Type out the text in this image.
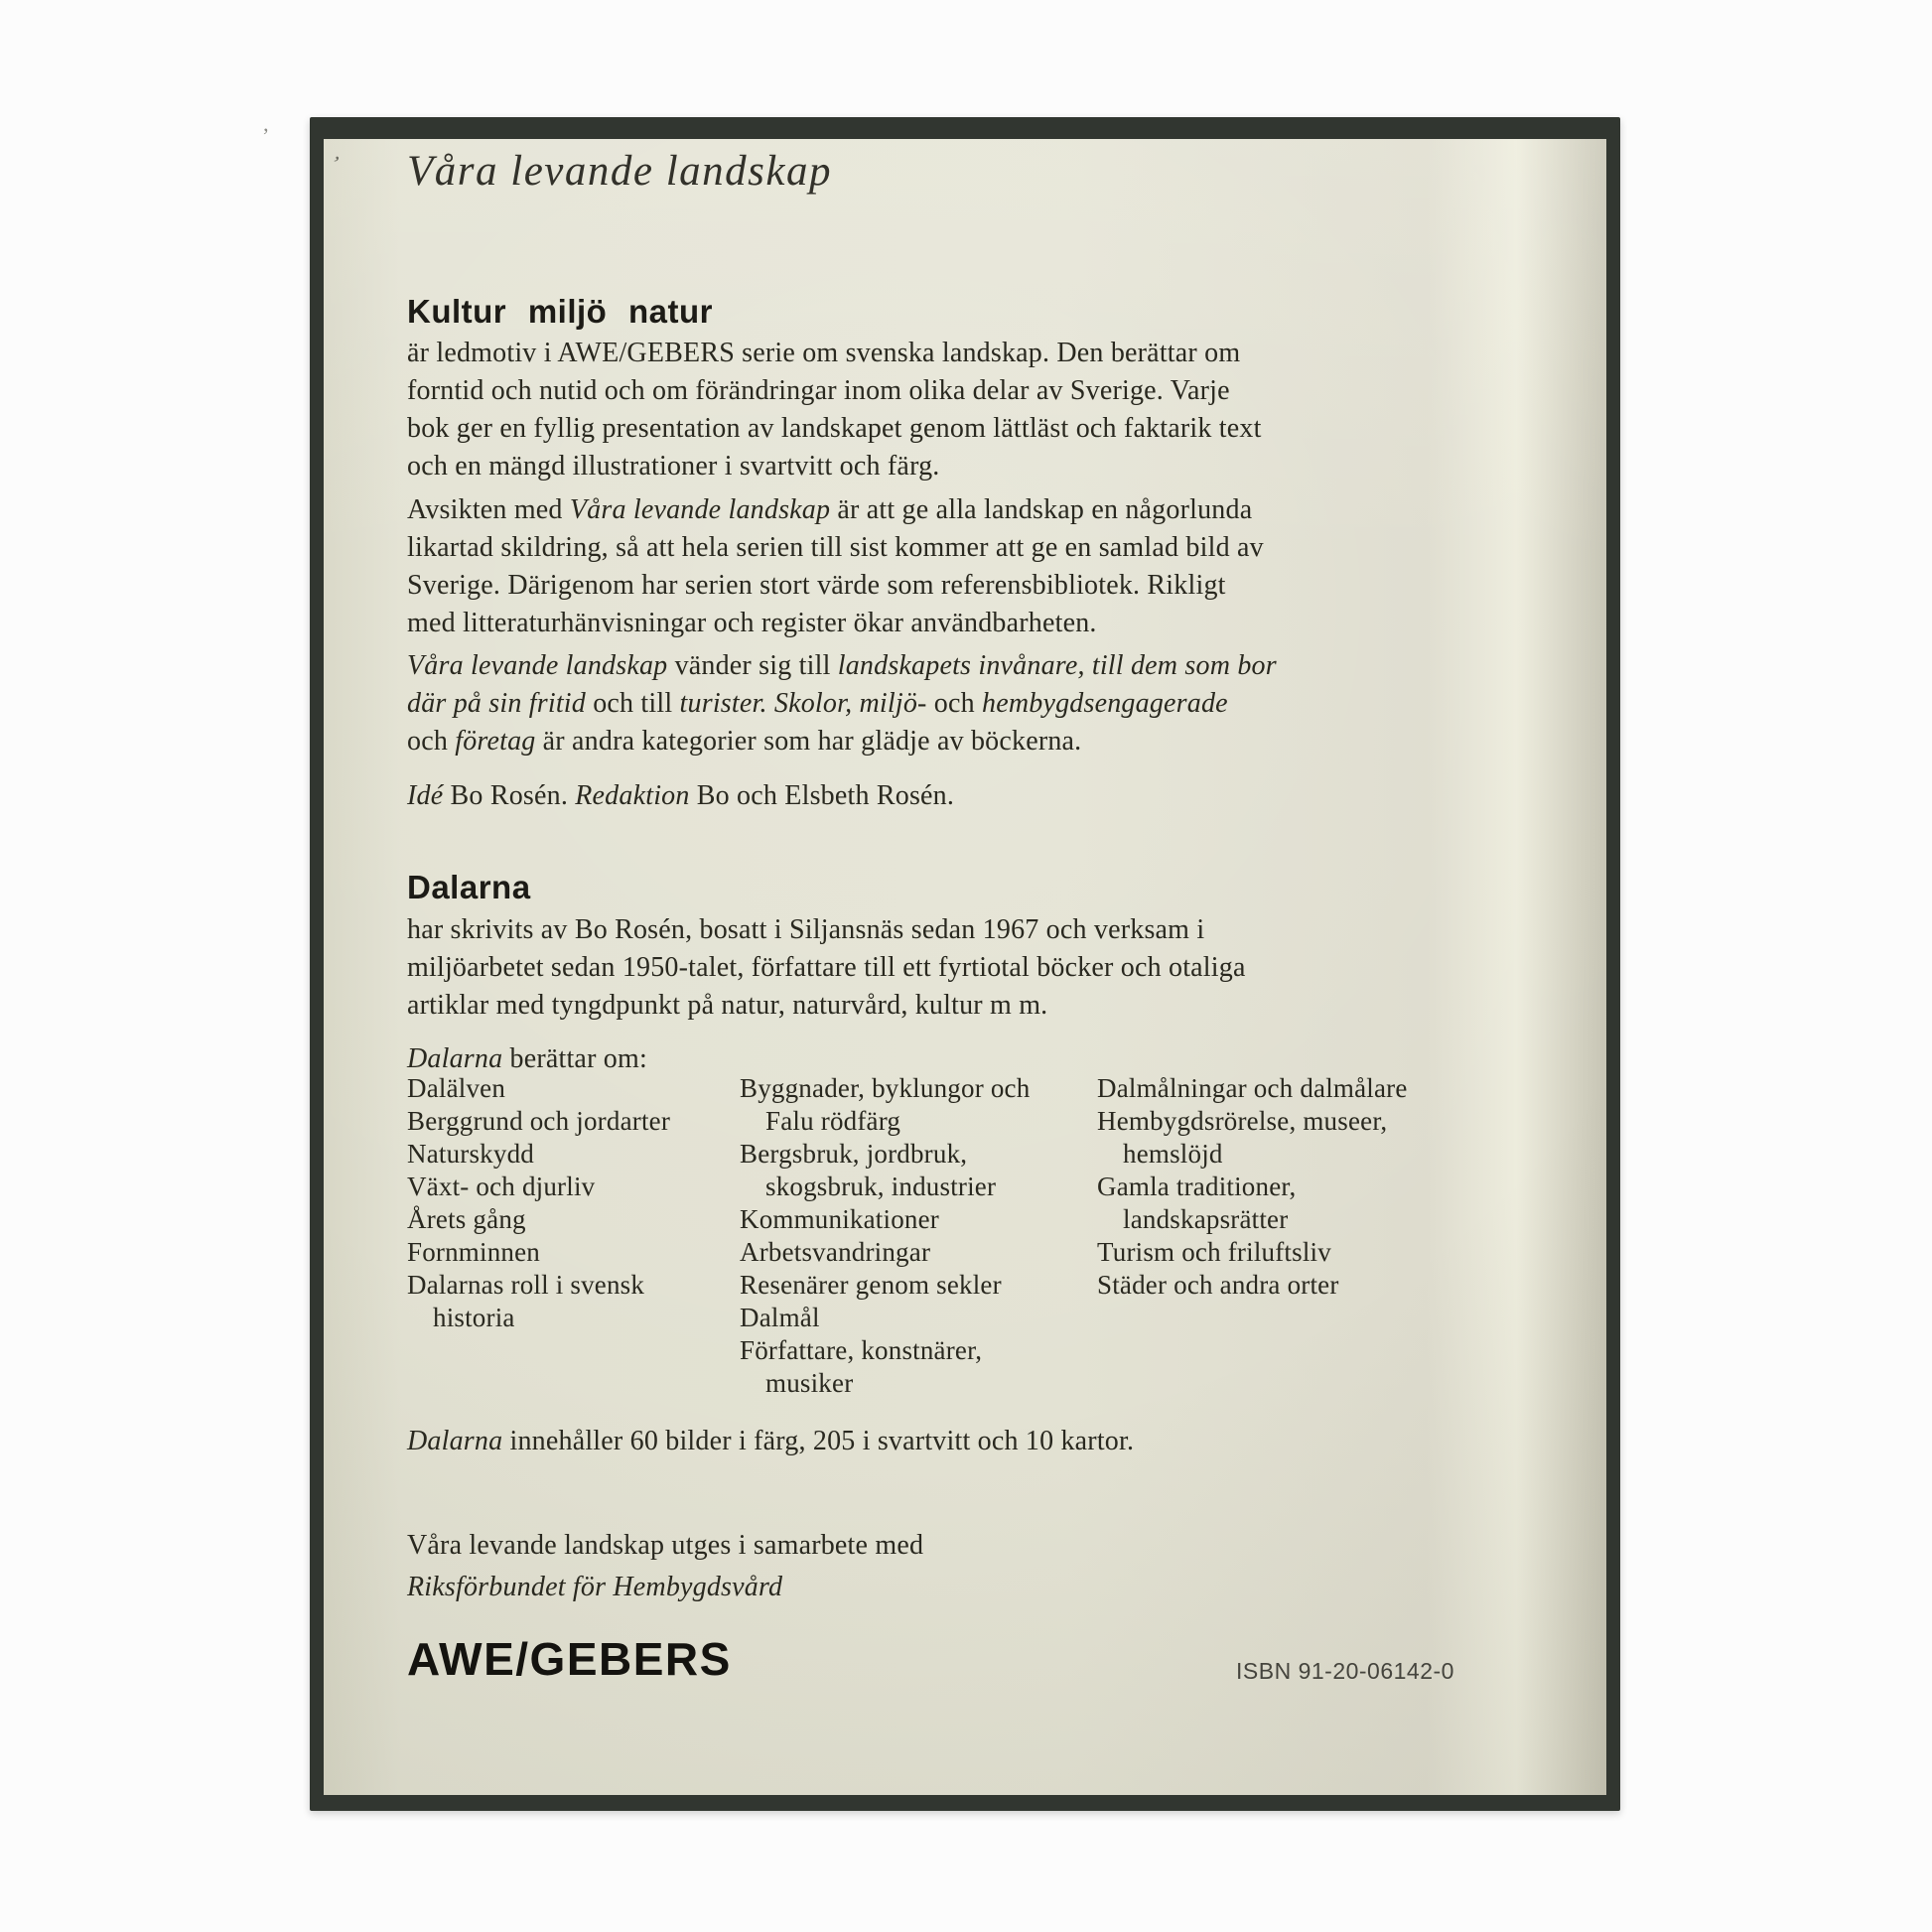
’
’ Våra levande landskap
Kultur miljö natur
är ledmotiv i AWE/GEBERS serie om svenska landskap. Den berättar om
forntid och nutid och om förändringar inom olika delar av Sverige. Varje
bok ger en fyllig presentation av landskapet genom lättläst och faktarik text
och en mängd illustrationer i svartvitt och färg.
Avsikten med Våra levande landskap är att ge alla landskap en någorlunda
likartad skildring, så att hela serien till sist kommer att ge en samlad bild av
Sverige. Därigenom har serien stort värde som referensbibliotek. Rikligt
med litteraturhänvisningar och register ökar användbarheten.
Våra levande landskap vänder sig till landskapets invånare, till dem som bor
där på sin fritid och till turister. Skolor, miljö- och hembygdsengagerade
och företag är andra kategorier som har glädje av böckerna.
Idé Bo Rosén. Redaktion Bo och Elsbeth Rosén.
Dalarna
har skrivits av Bo Rosén, bosatt i Siljansnäs sedan 1967 och verksam i
miljöarbetet sedan 1950-talet, författare till ett fyrtiotal böcker och otaliga
artiklar med tyngdpunkt på natur, naturvård, kultur m m.
Dalarna berättar om:
Dalälven
Berggrund och jordarter
Naturskydd
Växt- och djurliv
Årets gång
Fornminnen
Dalarnas roll i svensk
historia
Byggnader, byklungor och
Falu rödfärg
Bergsbruk, jordbruk,
skogsbruk, industrier
Kommunikationer
Arbetsvandringar
Resenärer genom sekler
Dalmål
Författare, konstnärer,
musiker
Dalmålningar och dalmålare
Hembygdsrörelse, museer,
hemslöjd
Gamla traditioner,
landskapsrätter
Turism och friluftsliv
Städer och andra orter
Dalarna innehåller 60 bilder i färg, 205 i svartvitt och 10 kartor.
Våra levande landskap utges i samarbete med
Riksförbundet för Hembygdsvård
AWE/GEBERS	ISBN 91-20-06142-0
